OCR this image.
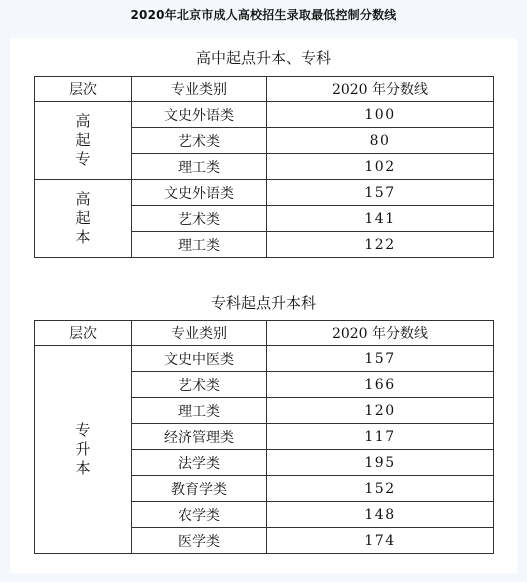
2020年北京市成人高校招生录取最低控制分数线
高中起点升本、专科
层次	专业类别	2020 年分数线

高起专	文史外语类	100
	艺术类	80
	理工类	102

高起本	文史外语类	157
	艺术类	141
	理工类	122
专科起点升本科
层次	专业类别	2020 年分数线

专升本	文史中医类	157
	艺术类	166
	理工类	120
	经济管理类	117
	法学类	195
	教育学类	152
	农学类	148
	医学类	174
